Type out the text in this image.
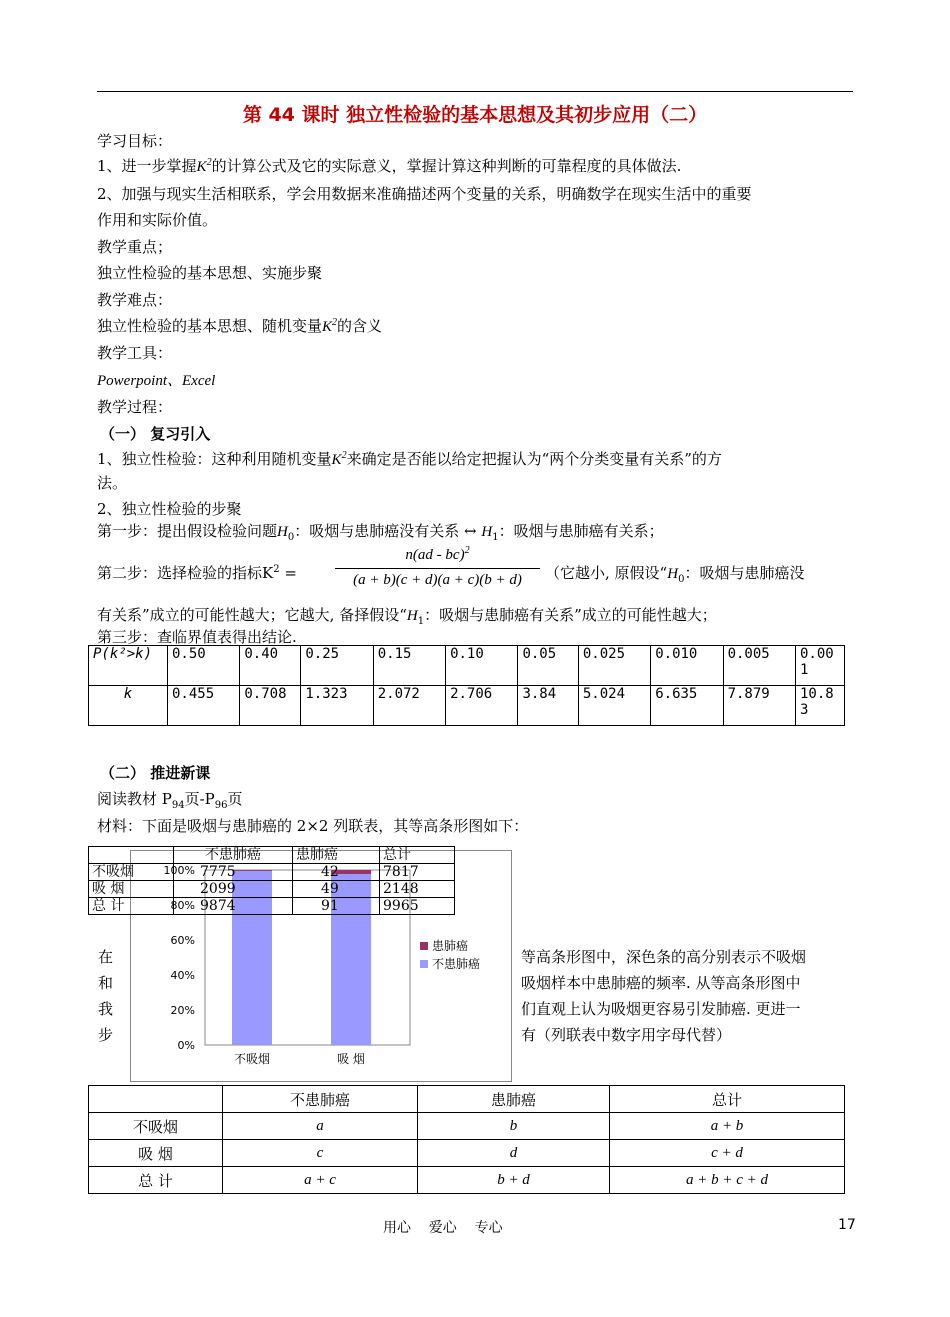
第 44 课时 独立性检验的基本思想及其初步应用（二）
学习目标：
1、进一步掌握$K^2$的计算公式及它的实际意义，掌握计算这种判断的可靠程度的具体做法.
2、加强与现实生活相联系，学会用数据来准确描述两个变量的关系，明确数学在现实生活中的重要
作用和实际价值。
教学重点；
独立性检验的基本思想、实施步聚
教学难点：
独立性检验的基本思想、随机变量$K^2$的含义
教学工具：
Powerpoint、Excel
教学过程：
（一） 复习引入
1、独立性检验：这种利用随机变量$K^2$来确定是否能以给定把握认为“两个分类变量有关系”的方
法。
2、独立性检验的步聚
第一步：提出假设检验问题$H_0$：吸烟与患肺癌没有关系 ↔ $H_1$：吸烟与患肺癌有关系；
第二步：选择检验的指标$K^2$ =
n(ad - bc)$^2$
(a + b)(c + d)(a + c)(b + d)	（它越小, 原假设“$H_0$：吸烟与患肺癌没
有关系”成立的可能性越大；它越大, 备择假设“$H_1$：吸烟与患肺癌有关系”成立的可能性越大；
第三步：查临界值表得出结论.
P(k²>k)	0.50	0.40	0.25	0.15	0.10	0.05	0.025	0.010	0.005	0.001
k	0.455	0.708	1.323	2.072	2.706	3.84	5.024	6.635	7.879	10.83
（二） 推进新课
阅读教材 $P_{94}$页$-P_{96}$页
材料：下面是吸烟与患肺癌的 2×2 列联表，其等高条形图如下：
0%
20%
40%
60%
80%
100%
不吸烟	吸 烟
患肺癌
不患肺癌
	不患肺癌	患肺癌	总计
不吸烟	7775	42	7817
吸 烟	2099	49	2148
总 计	9874	91	9965
在
和
我
步
等高条形图中，深色条的高分别表示不吸烟
吸烟样本中患肺癌的频率. 从等高条形图中
们直观上认为吸烟更容易引发肺癌. 更进一
有（列联表中数字用字母代替）
	不患肺癌	患肺癌	总计
不吸烟	a	b	a + b
吸 烟	c	d	c + d
总 计	a + c	b + d	a + b + c + d
用心    爱心    专心	17
